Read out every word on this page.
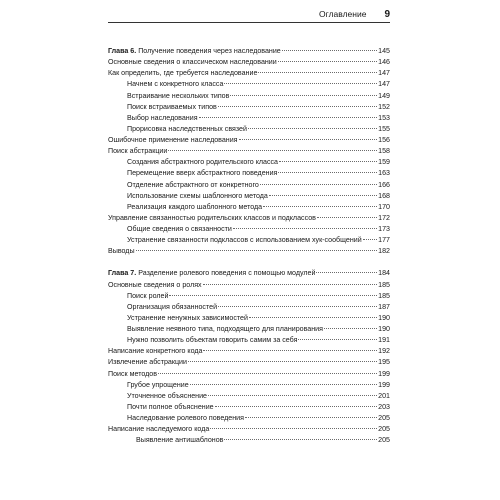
Оглавление 9
Глава 6. Получение поведения через наследование	145
Основные сведения о классическом наследовании	146
Как определить, где требуется наследование	147
Начнем с конкретного класса	147
Встраивание нескольких типов	149
Поиск встраиваемых типов	152
Выбор наследования	153
Прорисовка наследственных связей	155
Ошибочное применение наследования	156
Поиск абстракции	158
Создания абстрактного родительского класса	159
Перемещение вверх абстрактного поведения	163
Отделение абстрактного от конкретного	166
Использование схемы шаблонного метода	168
Реализация каждого шаблонного метода	170
Управление связанностью родительских классов и подклассов	172
Общие сведения о связанности	173
Устранение связанности подклассов с использованием хук-сообщений 177
Выводы	182
Глава 7. Разделение ролевого поведения с помощью модулей	184
Основные сведения о ролях	185
Поиск ролей	185
Организация обязанностей	187
Устранение ненужных зависимостей	190
Выявление неявного типа, подходящего для планирования	190
Нужно позволить объектам говорить самим за себя	191
Написание конкретного кода	192
Извлечение абстракции	195
Поиск методов	199
Грубое упрощение	199
Уточненное объяснение	201
Почти полное объяснение	203
Наследование ролевого поведения	205
Написание наследуемого кода	205
Выявление антишаблонов	205
